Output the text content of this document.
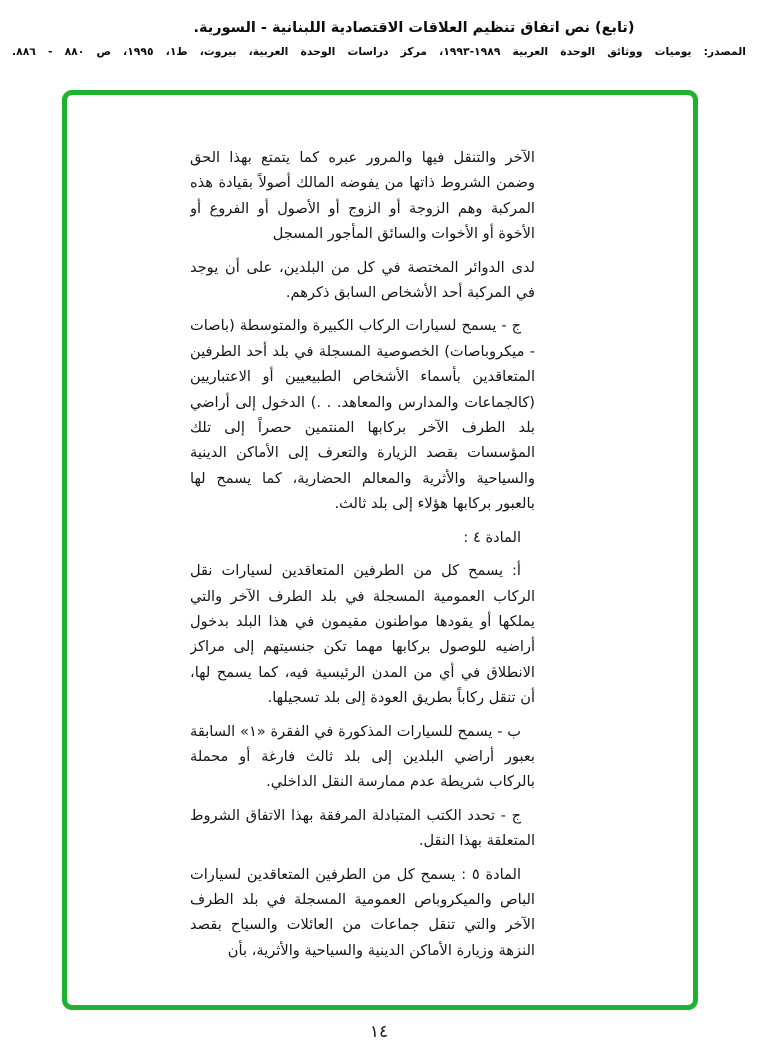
(تابع) نص اتفاق تنظيم العلاقات الاقتصادية اللبنانية - السورية.
المصدر: يوميات ووثائق الوحدة العربية ١٩٨٩-١٩٩٣، مركز دراسات الوحدة العربية، بيروت، ط١، ١٩٩٥، ص ٨٨٠ - ٨٨٦.

الآخر والتنقل فيها والمرور عبره كما يتمتع بهذا الحق وضمن الشروط ذاتها من يفوضه المالك أصولاً بقيادة هذه المركبة وهم الزوجة أو الزوج أو الأصول أو الفروع أو الأخوة أو الأخوات والسائق المأجور المسجل

لدى الدوائر المختصة في كل من البلدين، على أن يوجد في المركبة أحد الأشخاص السابق ذكرهم.

ج - يسمح لسيارات الركاب الكبيرة والمتوسطة (باصات - ميكروباصات) الخصوصية المسجلة في بلد أحد الطرفين المتعاقدين بأسماء الأشخاص الطبيعيين أو الاعتباريين (كالجماعات والمدارس والمعاهد. . .) الدخول إلى أراضي بلد الطرف الآخر بركابها المنتمين حصراً إلى تلك المؤسسات بقصد الزيارة والتعرف إلى الأماكن الدينية والسياحية والأثرية والمعالم الحضارية، كما يسمح لها بالعبور بركابها هؤلاء إلى بلد ثالث.

المادة ٤ :

أ: يسمح كل من الطرفين المتعاقدين لسيارات نقل الركاب العمومية المسجلة في بلد الطرف الآخر والتي يملكها أو يقودها مواطنون مقيمون في هذا البلد بدخول أراضيه للوصول بركابها مهما تكن جنسيتهم إلى مراكز الانطلاق في أي من المدن الرئيسية فيه، كما يسمح لها، أن تنقل ركاباً بطريق العودة إلى بلد تسجيلها.

ب - يسمح للسيارات المذكورة في الفقرة «١» السابقة بعبور أراضي البلدين إلى بلد ثالث فارغة أو محملة بالركاب شريطة عدم ممارسة النقل الداخلي.

ج - تحدد الكتب المتبادلة المرفقة بهذا الاتفاق الشروط المتعلقة بهذا النقل.

المادة ٥ : يسمح كل من الطرفين المتعاقدين لسيارات الباص والميكروباص العمومية المسجلة في بلد الطرف الآخر والتي تنقل جماعات من العائلات والسياح بقصد النزهة وزيارة الأماكن الدينية والسياحية والأثرية، بأن

١٤
